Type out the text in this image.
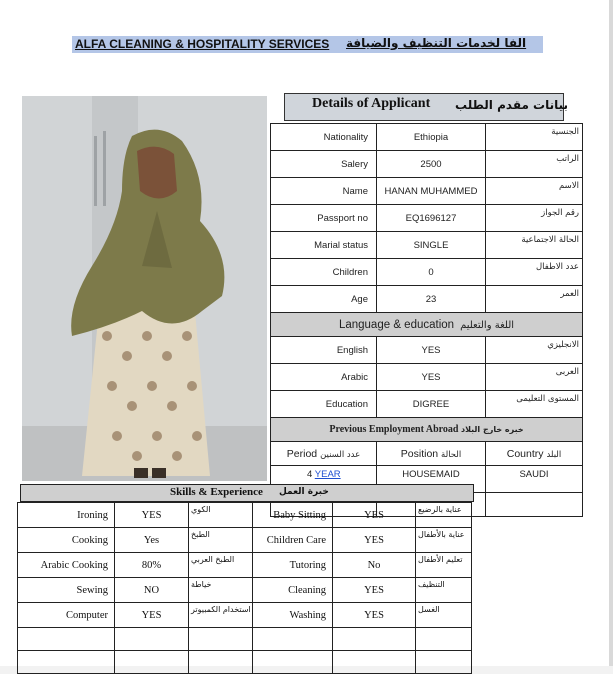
ALFA CLEANING & HOSPITALITY SERVICES الفا لخدمات التنظيف والضيافة
Details of Applicant بيانات مقدم الطلب
Nationality	Ethiopia	الجنسية
Salery	2500	الراتب
Name	HANAN MUHAMMED	الاسم
Passport no	EQ1696127	رقم الجواز
Marial status	SINGLE	الحالة الاجتماعية
Children	0	عدد الاطفال
Age	23	العمر
Language & education اللغة والتعليم		
English	YES	الانجليزي
Arabic	YES	العربى
Education	DIGREE	المستوى التعليمى
Previous Employment Abroad خبره خارج البلاد		
Period عدد السنين	Position الحالة	Country البلد
4 YEAR	HOUSEMAID	SAUDI

Skills & Experience خبرة العمل
Ironing	YES	الكوي	Baby Sitting	YES	عناية بالرضيع
Cooking	Yes	الطبخ	Children Care	YES	عناية بالأطفال
Arabic Cooking	80%	الطبخ العربي	Tutoring	No	تعليم الأطفال
Sewing	NO	خياطة	Cleaning	YES	التنظيف
Computer	YES	استخدام الكمبيوتر	Washing	YES	الغسل
